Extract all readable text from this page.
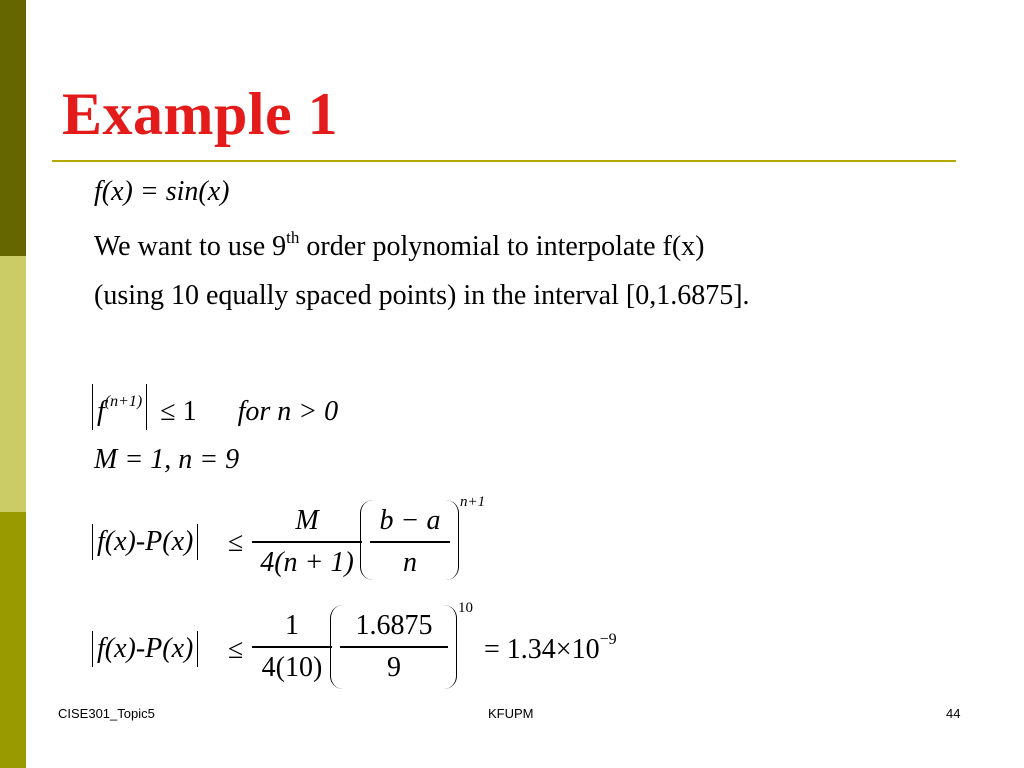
Example 1
f(x) = sin(x)
We want to use 9th order polynomial to interpolate f(x)
(using 10 equally spaced points) in the interval [0,1.6875].
$f^{(n+1)} \le 1$ for n > 0
M = 1, n = 9
f(x)-P(x) ≤
M
4(n + 1)
b − a
n
n+1
f(x)-P(x) ≤
1
4(10)
1.6875
9
10
= $1.34\times 10^{-9}$
CISE301_Topic5	KFUPM	44
